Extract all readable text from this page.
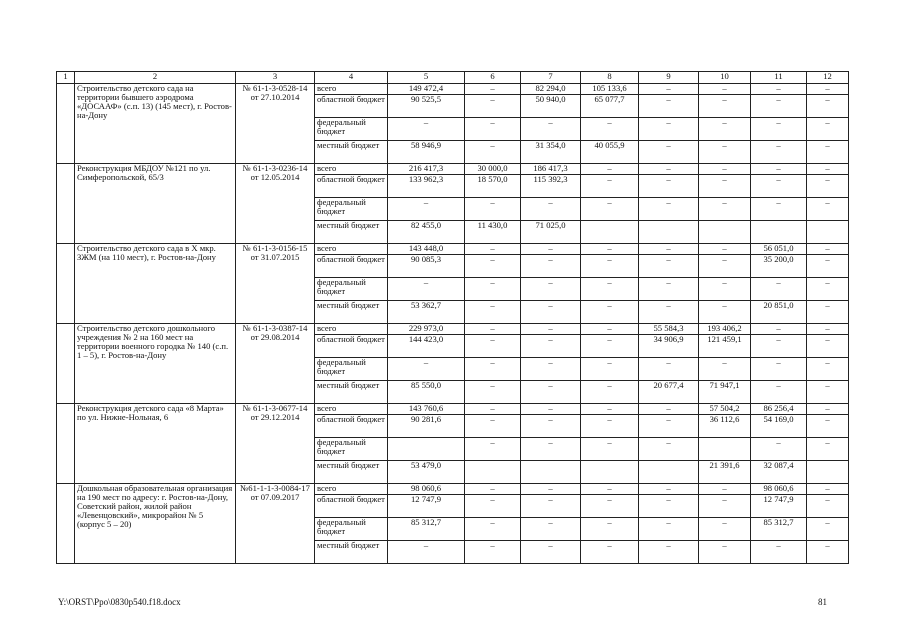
1	2	3	4	5	6	7	8	9	10	11	12
	Строительство детского сада на территории бывшего аэродрома «ДОСААФ» (с.п. 13) (145 мест), г. Ростов-на-Дону	№ 61-1-3-0528-14
от 27.10.2014	всего	149 472,4	–	82 294,0	105 133,6	–	–	–	–
			областной бюджет	90 525,5	–	50 940,0	65 077,7	–	–	–	–
			федеральный бюджет	–	–	–	–	–	–	–	–
			местный бюджет	58 946,9	–	31 354,0	40 055,9	–	–	–	–
	Реконструкция МБДОУ №121 по ул. Симферопольской, 65/3	№ 61-1-3-0236-14
от 12.05.2014	всего	216 417,3	30 000,0	186 417,3	–	–	–	–	–
			областной бюджет	133 962,3	18 570,0	115 392,3	–	–	–	–	–
			федеральный бюджет	–	–	–	–	–	–	–	–
			местный бюджет	82 455,0	11 430,0	71 025,0					
	Строительство детского сада в Х мкр. ЗЖМ (на 110 мест), г. Ростов-на-Дону	№ 61-1-3-0156-15
от 31.07.2015	всего	143 448,0	–	–	–	–	–	56 051,0	–
			областной бюджет	90 085,3	–	–	–	–	–	35 200,0	–
			федеральный бюджет	–	–	–	–	–	–	–	–
			местный бюджет	53 362,7	–	–	–	–	–	20 851,0	–
	Строительство детского дошкольного учреждения № 2 на 160 мест на территории военного городка № 140 (с.п. 1 – 5), г. Ростов-на-Дону	№ 61-1-3-0387-14
от 29.08.2014	всего	229 973,0	–	–	–	55 584,3	193 406,2	–	–
			областной бюджет	144 423,0	–	–	–	34 906,9	121 459,1	–	–
			федеральный бюджет	–	–	–	–	–	–	–	–
			местный бюджет	85 550,0	–	–	–	20 677,4	71 947,1	–	–
	Реконструкция детского сада «8 Марта» по ул. Нижне-Нольная, 6	№ 61-1-3-0677-14
от 29.12.2014	всего	143 760,6	–	–	–	–	57 504,2	86 256,4	–
			областной бюджет	90 281,6	–	–	–	–	36 112,6	54 169,0	–
			федеральный бюджет		–	–	–	–		–	–
			местный бюджет	53 479,0					21 391,6	32 087,4	
	Дошкольная образовательная организация на 190 мест по адресу: г. Ростов-на-Дону, Советский район, жилой район «Левенцовский», микрорайон № 5 (корпус 5 – 20)	№61-1-1-3-0084-17
от 07.09.2017	всего	98 060,6	–	–	–	–	–	98 060,6	–
			областной бюджет	12 747,9	–	–	–	–	–	12 747,9	–
			федеральный бюджет	85 312,7	–	–	–	–	–	85 312,7	–
			местный бюджет	–	–	–	–	–	–	–	–
Y:\ORST\Ppo\0830p540.f18.docx	81
